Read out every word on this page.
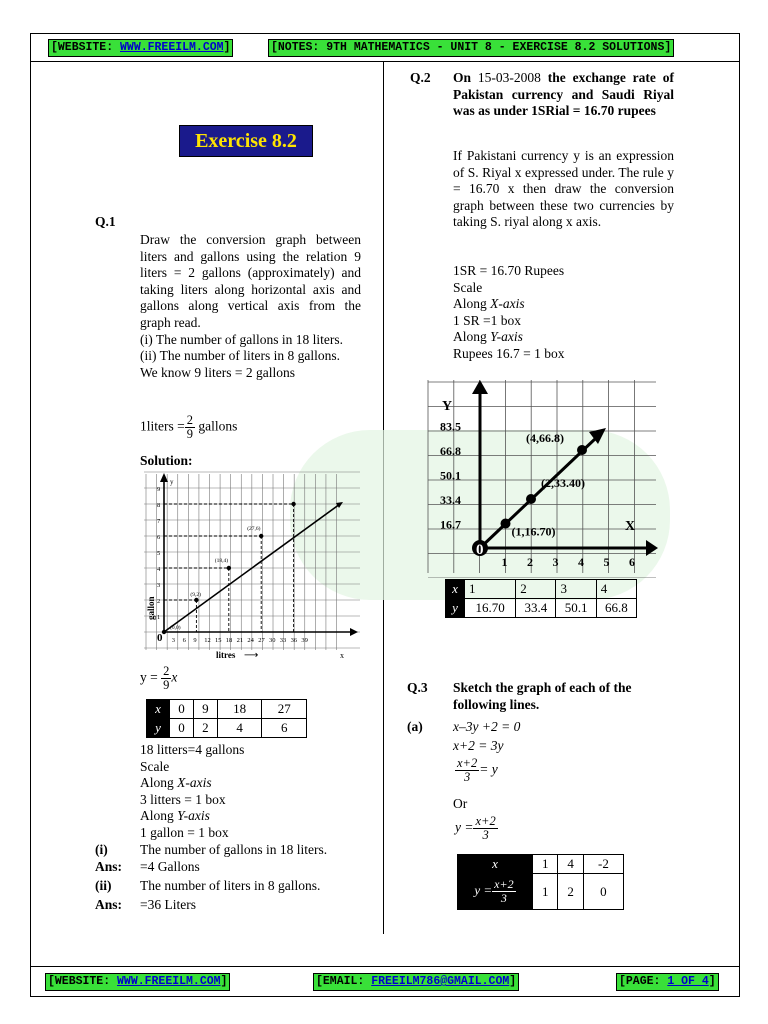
[WEBSITE: WWW.FREEILM.COM]	[NOTES: 9TH MATHEMATICS - UNIT 8 - EXERCISE 8.2 SOLUTIONS]
Exercise 8.2
Q.1
Draw the conversion graph between liters and gallons using the relation 9 liters = 2 gallons (approximately) and taking liters along horizontal axis and gallons along vertical axis from the graph read.
(i) The number of gallons in 18 liters.
(ii) The number of liters in 8 gallons.
We know 9 liters = 2 gallons
1liters = $\frac{2}{9}$ gallons
Solution:
3 6 9 12 15 18 21 24 27 30 33 36 39
1
2
3
4
5
6
7
8
9
(0,0)
(9,2)
(18,4)
(27,6)
y
x
gallon
litres ⟶
0
$y = \frac{2}{9}$ x
x	0	9	18	27
y	0	2	4	6
18 litters=4 gallons
Scale
Along X-axis
3 litters = 1 box
Along Y-axis
1 gallon = 1 box
(i) The number of gallons in 18 liters.
Ans: =4 Gallons
(ii) The number of liters in 8 gallons.
Ans: =36 Liters
Q.2 On 15-03-2008 the exchange rate of Pakistan currency and Saudi Riyal was as under 1SRial = 16.70 rupees
If Pakistani currency y is an expression of S. Riyal x expressed under. The rule y = 16.70 x then draw the conversion graph between these two currencies by taking S. riyal along x axis.
1SR = 16.70 Rupees
Scale
Along X-axis
1 SR =1 box
Along Y-axis
Rupees 16.7 = 1 box
16.7
33.4
50.1
66.8
83.5
1 2 3 4 5 6
(1,16.70)
(2,33.40)
(4,66.8)
Y
X
0
x	1	2	3	4
y	16.70	33.4	50.1	66.8
Q.3 Sketch the graph of each of the following lines.
(a) x–3y +2 = 0
x+2 = 3y
$\frac{x+2}{3} = y$
Or
$y = \frac{x+2}{3}$
x	1	4	-2
$y = \frac{x+2}{3}$	1	2	0
[WEBSITE: WWW.FREEILM.COM]	[EMAIL: FREEILM786@GMAIL.COM]	[PAGE: 1 OF 4]
